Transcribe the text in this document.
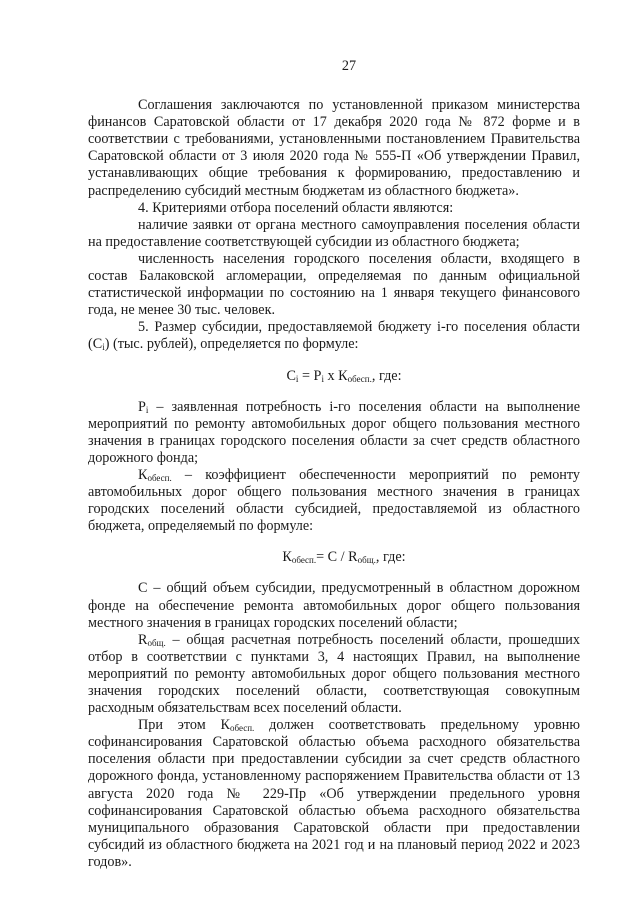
27

Соглашения заключаются по установленной приказом министерства финансов Саратовской области от 17 декабря 2020 года № 872 форме и в соответствии с требованиями, установленными постановлением Правительства Саратовской области от 3 июля 2020 года № 555-П «Об утверждении Правил, устанавливающих общие требования к формированию, предоставлению и распределению субсидий местным бюджетам из областного бюджета».

4. Критериями отбора поселений области являются:

наличие заявки от органа местного самоуправления поселения области на предоставление соответствующей субсидии из областного бюджета;

численность населения городского поселения области, входящего в состав Балаковской агломерации, определяемая по данным официальной статистической информации по состоянию на 1 января текущего финансового года, не менее 30 тыс. человек.

5. Размер субсидии, предоставляемой бюджету i-го поселения области $(С_i)$ (тыс. рублей), определяется по формуле:

$С_i = Р_i$ х $К_{обесп.}$, где:

$Р_i$ – заявленная потребность i-го поселения области на выполнение мероприятий по ремонту автомобильных дорог общего пользования местного значения в границах городского поселения области за счет средств областного дорожного фонда;

$К_{обесп.}$ – коэффициент обеспеченности мероприятий по ремонту автомобильных дорог общего пользования местного значения в границах городских поселений области субсидией, предоставляемой из областного бюджета, определяемый по формуле:

$К_{обесп.}= С / R_{общ.}$, где:

С – общий объем субсидии, предусмотренный в областном дорожном фонде на обеспечение ремонта автомобильных дорог общего пользования местного значения в границах городских поселений области;

$R_{общ.}$ – общая расчетная потребность поселений области, прошедших отбор в соответствии с пунктами 3, 4 настоящих Правил, на выполнение мероприятий по ремонту автомобильных дорог общего пользования местного значения городских поселений области, соответствующая совокупным расходным обязательствам всех поселений области.

При этом $К_{обесп.}$ должен соответствовать предельному уровню софинансирования Саратовской областью объема расходного обязательства поселения области при предоставлении субсидии за счет средств областного дорожного фонда, установленному распоряжением Правительства области от 13 августа 2020 года № 229-Пр «Об утверждении предельного уровня софинансирования Саратовской областью объема расходного обязательства муниципального образования Саратовской области при предоставлении субсидий из областного бюджета на 2021 год и на плановый период 2022 и 2023 годов».
